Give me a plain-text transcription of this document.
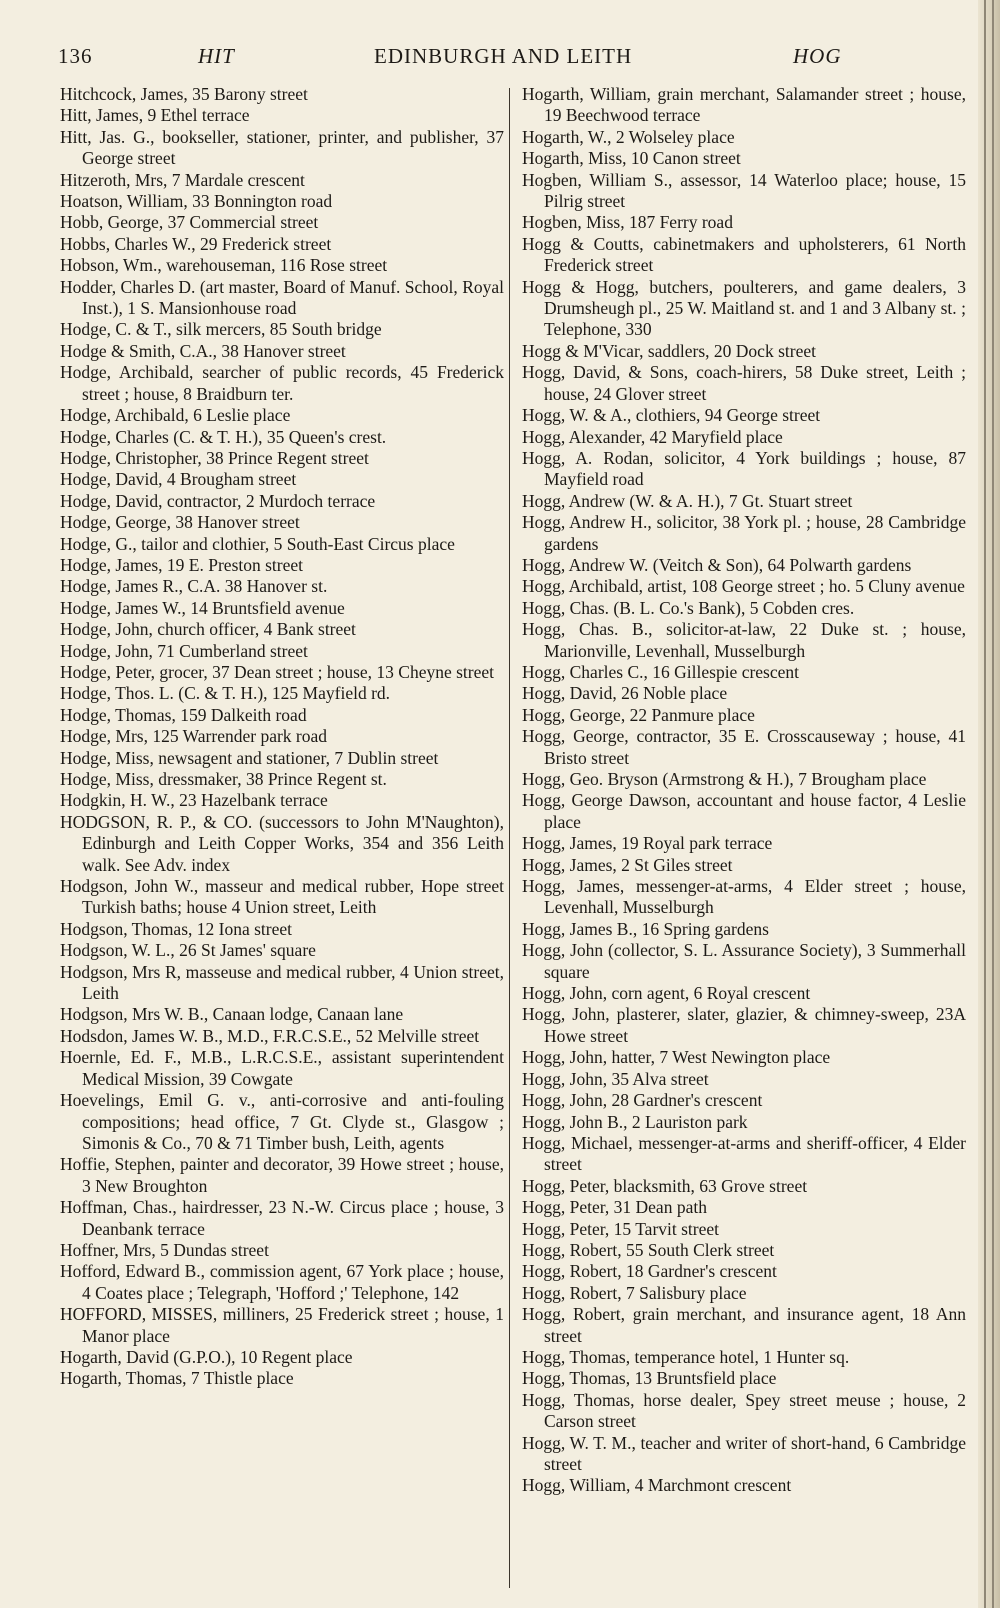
136	HIT	EDINBURGH AND LEITH	HOG
Hitchcock, James, 35 Barony street
Hitt, James, 9 Ethel terrace
Hitt, Jas. G., bookseller, stationer, printer, and publisher, 37 George street
Hitzeroth, Mrs, 7 Mardale crescent
Hoatson, William, 33 Bonnington road
Hobb, George, 37 Commercial street
Hobbs, Charles W., 29 Frederick street
Hobson, Wm., warehouseman, 116 Rose street
Hodder, Charles D. (art master, Board of Manuf. School, Royal Inst.), 1 S. Mansionhouse road
Hodge, C. & T., silk mercers, 85 South bridge
Hodge & Smith, C.A., 38 Hanover street
Hodge, Archibald, searcher of public records, 45 Frederick street ; house, 8 Braidburn ter.
Hodge, Archibald, 6 Leslie place
Hodge, Charles (C. & T. H.), 35 Queen's crest.
Hodge, Christopher, 38 Prince Regent street
Hodge, David, 4 Brougham street
Hodge, David, contractor, 2 Murdoch terrace
Hodge, George, 38 Hanover street
Hodge, G., tailor and clothier, 5 South-East Circus place
Hodge, James, 19 E. Preston street
Hodge, James R., C.A. 38 Hanover st.
Hodge, James W., 14 Bruntsfield avenue
Hodge, John, church officer, 4 Bank street
Hodge, John, 71 Cumberland street
Hodge, Peter, grocer, 37 Dean street ; house, 13 Cheyne street
Hodge, Thos. L. (C. & T. H.), 125 Mayfield rd.
Hodge, Thomas, 159 Dalkeith road
Hodge, Mrs, 125 Warrender park road
Hodge, Miss, newsagent and stationer, 7 Dublin street
Hodge, Miss, dressmaker, 38 Prince Regent st.
Hodgkin, H. W., 23 Hazelbank terrace
HODGSON, R. P., & CO. (successors to John M'Naughton), Edinburgh and Leith Copper Works, 354 and 356 Leith walk. See Adv. index
Hodgson, John W., masseur and medical rubber, Hope street Turkish baths; house 4 Union street, Leith
Hodgson, Thomas, 12 Iona street
Hodgson, W. L., 26 St James' square
Hodgson, Mrs R, masseuse and medical rubber, 4 Union street, Leith
Hodgson, Mrs W. B., Canaan lodge, Canaan lane
Hodsdon, James W. B., M.D., F.R.C.S.E., 52 Melville street
Hoernle, Ed. F., M.B., L.R.C.S.E., assistant superintendent Medical Mission, 39 Cowgate
Hoevelings, Emil G. v., anti-corrosive and anti-fouling compositions; head office, 7 Gt. Clyde st., Glasgow ; Simonis & Co., 70 & 71 Timber bush, Leith, agents
Hoffie, Stephen, painter and decorator, 39 Howe street ; house, 3 New Broughton
Hoffman, Chas., hairdresser, 23 N.-W. Circus place ; house, 3 Deanbank terrace
Hoffner, Mrs, 5 Dundas street
Hofford, Edward B., commission agent, 67 York place ; house, 4 Coates place ; Telegraph, 'Hofford ;' Telephone, 142
HOFFORD, MISSES, milliners, 25 Frederick street ; house, 1 Manor place
Hogarth, David (G.P.O.), 10 Regent place
Hogarth, Thomas, 7 Thistle place
Hogarth, William, grain merchant, Salamander street ; house, 19 Beechwood terrace
Hogarth, W., 2 Wolseley place
Hogarth, Miss, 10 Canon street
Hogben, William S., assessor, 14 Waterloo place; house, 15 Pilrig street
Hogben, Miss, 187 Ferry road
Hogg & Coutts, cabinetmakers and upholsterers, 61 North Frederick street
Hogg & Hogg, butchers, poulterers, and game dealers, 3 Drumsheugh pl., 25 W. Maitland st. and 1 and 3 Albany st. ; Telephone, 330
Hogg & M'Vicar, saddlers, 20 Dock street
Hogg, David, & Sons, coach-hirers, 58 Duke street, Leith ; house, 24 Glover street
Hogg, W. & A., clothiers, 94 George street
Hogg, Alexander, 42 Maryfield place
Hogg, A. Rodan, solicitor, 4 York buildings ; house, 87 Mayfield road
Hogg, Andrew (W. & A. H.), 7 Gt. Stuart street
Hogg, Andrew H., solicitor, 38 York pl. ; house, 28 Cambridge gardens
Hogg, Andrew W. (Veitch & Son), 64 Polwarth gardens
Hogg, Archibald, artist, 108 George street ; ho. 5 Cluny avenue
Hogg, Chas. (B. L. Co.'s Bank), 5 Cobden cres.
Hogg, Chas. B., solicitor-at-law, 22 Duke st. ; house, Marionville, Levenhall, Musselburgh
Hogg, Charles C., 16 Gillespie crescent
Hogg, David, 26 Noble place
Hogg, George, 22 Panmure place
Hogg, George, contractor, 35 E. Crosscauseway ; house, 41 Bristo street
Hogg, Geo. Bryson (Armstrong & H.), 7 Brougham place
Hogg, George Dawson, accountant and house factor, 4 Leslie place
Hogg, James, 19 Royal park terrace
Hogg, James, 2 St Giles street
Hogg, James, messenger-at-arms, 4 Elder street ; house, Levenhall, Musselburgh
Hogg, James B., 16 Spring gardens
Hogg, John (collector, S. L. Assurance Society), 3 Summerhall square
Hogg, John, corn agent, 6 Royal crescent
Hogg, John, plasterer, slater, glazier, & chimney-sweep, 23A Howe street
Hogg, John, hatter, 7 West Newington place
Hogg, John, 35 Alva street
Hogg, John, 28 Gardner's crescent
Hogg, John B., 2 Lauriston park
Hogg, Michael, messenger-at-arms and sheriff-officer, 4 Elder street
Hogg, Peter, blacksmith, 63 Grove street
Hogg, Peter, 31 Dean path
Hogg, Peter, 15 Tarvit street
Hogg, Robert, 55 South Clerk street
Hogg, Robert, 18 Gardner's crescent
Hogg, Robert, 7 Salisbury place
Hogg, Robert, grain merchant, and insurance agent, 18 Ann street
Hogg, Thomas, temperance hotel, 1 Hunter sq.
Hogg, Thomas, 13 Bruntsfield place
Hogg, Thomas, horse dealer, Spey street meuse ; house, 2 Carson street
Hogg, W. T. M., teacher and writer of short-hand, 6 Cambridge street
Hogg, William, 4 Marchmont crescent
